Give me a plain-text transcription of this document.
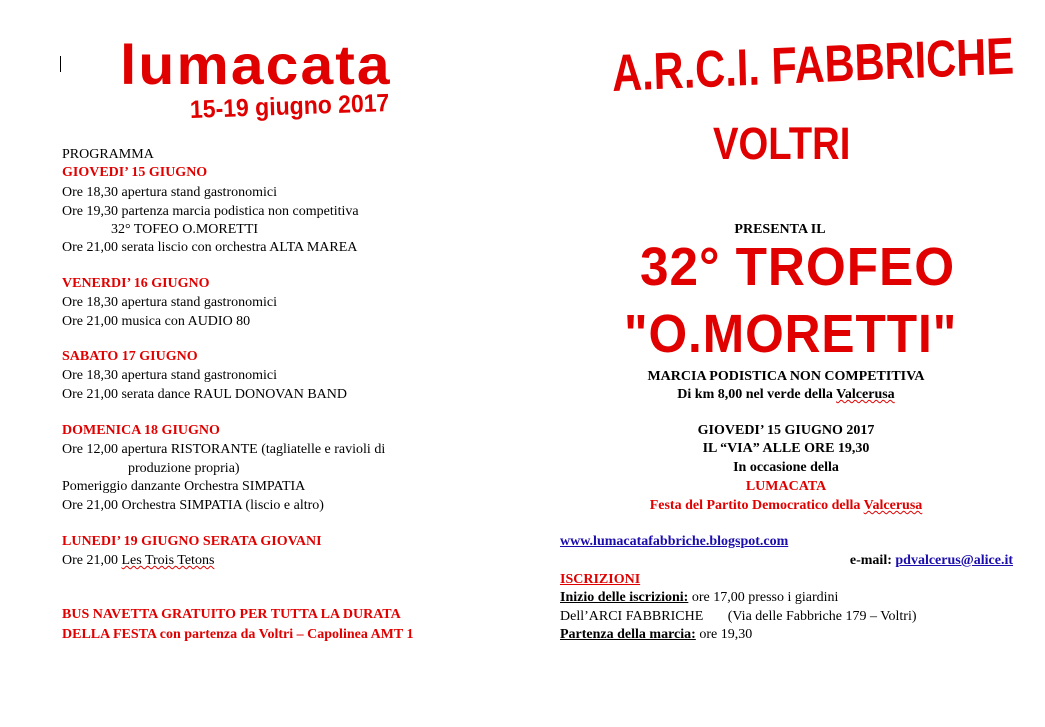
lumacata
15-19 giugno 2017
PROGRAMMA
GIOVEDI’ 15 GIUGNO
Ore 18,30 apertura stand gastronomici
Ore 19,30 partenza marcia podistica non competitiva
32° TOFEO O.MORETTI
Ore 21,00 serata liscio con orchestra ALTA MAREA
VENERDI’ 16 GIUGNO
Ore 18,30 apertura stand gastronomici
Ore 21,00 musica con AUDIO 80
SABATO 17 GIUGNO
Ore 18,30 apertura stand gastronomici
Ore 21,00 serata dance RAUL DONOVAN BAND
DOMENICA 18 GIUGNO
Ore 12,00 apertura RISTORANTE (tagliatelle e ravioli di
produzione propria)
Pomeriggio danzante Orchestra SIMPATIA
Ore 21,00 Orchestra SIMPATIA (liscio e altro)
LUNEDI’ 19 GIUGNO SERATA GIOVANI
Ore 21,00 Les Trois Tetons
BUS NAVETTA GRATUITO PER TUTTA LA DURATA
DELLA FESTA con partenza da Voltri – Capolinea AMT 1
A.R.C.I. FABBRICHE
VOLTRI
PRESENTA IL
32° TROFEO
"O.MORETTI"
MARCIA PODISTICA NON COMPETITIVA
Di km 8,00 nel verde della Valcerusa
GIOVEDI’ 15 GIUGNO 2017
IL “VIA” ALLE ORE 19,30
In occasione della
LUMACATA
Festa del Partito Democratico della Valcerusa
www.lumacatafabbriche.blogspot.com
e-mail: pdvalcerus@alice.it
ISCRIZIONI
Inizio delle iscrizioni: ore 17,00 presso i giardini
Dell’ARCI FABBRICHE       (Via delle Fabbriche 179 – Voltri)
Partenza della marcia: ore 19,30
